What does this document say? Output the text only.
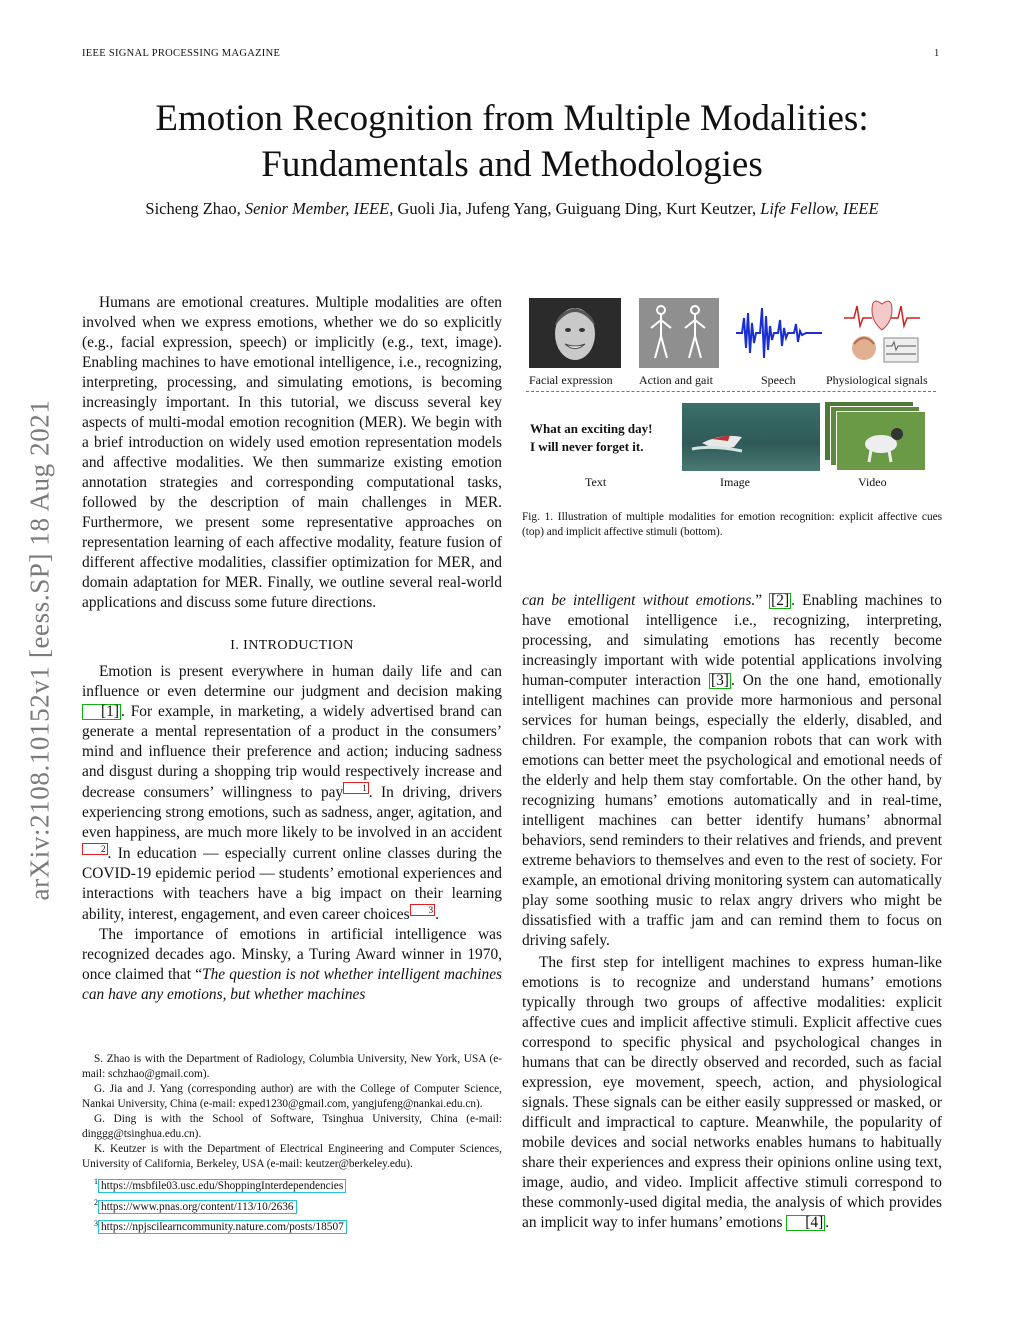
IEEE SIGNAL PROCESSING MAGAZINE	1
Emotion Recognition from Multiple Modalities:
Fundamentals and Methodologies
Sicheng Zhao, Senior Member, IEEE, Guoli Jia, Jufeng Yang, Guiguang Ding, Kurt Keutzer, Life Fellow, IEEE
arXiv:2108.10152v1 [eess.SP] 18 Aug 2021

Humans are emotional creatures. Multiple modalities are often involved when we express emotions, whether we do so explicitly (e.g., facial expression, speech) or implicitly (e.g., text, image). Enabling machines to have emotional intelligence, i.e., recognizing, interpreting, processing, and simulating emotions, is becoming increasingly important. In this tutorial, we discuss several key aspects of multi-modal emotion recognition (MER). We begin with a brief introduction on widely used emotion representation models and affective modalities. We then summarize existing emotion annotation strategies and corresponding computational tasks, followed by the description of main challenges in MER. Furthermore, we present some representative approaches on representation learning of each affective modality, feature fusion of different affective modalities, classifier optimization for MER, and domain adaptation for MER. Finally, we outline several real-world applications and discuss some future directions.

I. INTRODUCTION

Emotion is present everywhere in human daily life and can influence or even determine our judgment and decision making [1] . For example, in marketing, a widely advertised brand can generate a mental representation of a product in the consumers’ mind and influence their preference and action; inducing sadness and disgust during a shopping trip would respectively increase and decrease consumers’ willingness to pay 1 . In driving, drivers experiencing strong emotions, such as sadness, anger, agitation, and even happiness, are much more likely to be involved in an accident2 . In education — especially current online classes during the COVID-19 epidemic period — students’ emotional experiences and interactions with teachers have a big impact on their learning ability, interest, engagement, and even career choices 3 .

The importance of emotions in artificial intelligence was recognized decades ago. Minsky, a Turing Award winner in 1970, once claimed that “The question is not whether intelligent machines can have any emotions, but whether machines

S. Zhao is with the Department of Radiology, Columbia University, New York, USA (e-mail: schzhao@gmail.com).

G. Jia and J. Yang (corresponding author) are with the College of Computer Science, Nankai University, China (e-mail: exped1230@gmail.com, yangjufeng@nankai.edu.cn).

G. Ding is with the School of Software, Tsinghua University, China (e-mail: dinggg@tsinghua.edu.cn).

K. Keutzer is with the Department of Electrical Engineering and Computer Sciences, University of California, Berkeley, USA (e-mail: keutzer@berkeley.edu).

$^1$ https://msbfile03.usc.edu/ShoppingInterdependencies

$^2$ https://www.pnas.org/content/113/10/2636

$^3$ https://npjscilearncommunity.nature.com/posts/18507

Facial expression Action and gait	Speech	Physiological signals
What an exciting day!
I will never forget it.
Text	Image	Video
Fig. 1. Illustration of multiple modalities for emotion recognition: explicit affective cues (top) and implicit affective stimuli (bottom).

can be intelligent without emotions.” [2] . Enabling machines to have emotional intelligence i.e., recognizing, interpreting, processing, and simulating emotions has recently become increasingly important with wide potential applications involving human-computer interaction [3] . On the one hand, emotionally intelligent machines can provide more harmonious and personal services for human beings, especially the elderly, disabled, and children. For example, the companion robots that can work with emotions can better meet the psychological and emotional needs of the elderly and help them stay comfortable. On the other hand, by recognizing humans’ emotions automatically and in real-time, intelligent machines can better identify humans’ abnormal behaviors, send reminders to their relatives and friends, and prevent extreme behaviors to themselves and even to the rest of society. For example, an emotional driving monitoring system can automatically play some soothing music to relax angry drivers who might be dissatisfied with a traffic jam and can remind them to focus on driving safely.

The first step for intelligent machines to express human-like emotions is to recognize and understand humans’ emotions typically through two groups of affective modalities: explicit affective cues and implicit affective stimuli. Explicit affective cues correspond to specific physical and psychological changes in humans that can be directly observed and recorded, such as facial expression, eye movement, speech, action, and physiological signals. These signals can be either easily suppressed or masked, or difficult and impractical to capture. Meanwhile, the popularity of mobile devices and social networks enables humans to habitually share their experiences and express their opinions online using text, image, audio, and video. Implicit affective stimuli correspond to these commonly-used digital media, the analysis of which provides an implicit way to infer humans’ emotions [4] .
